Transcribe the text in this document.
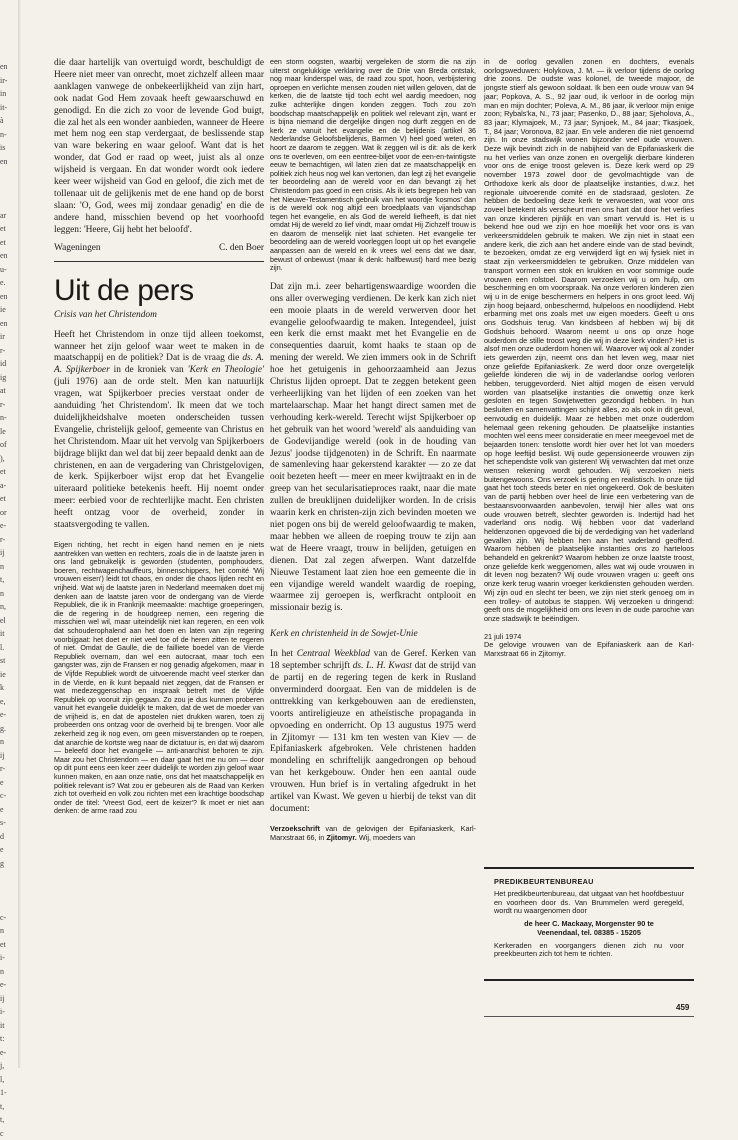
en
ir-
in
it-
à
n-
is
en

ar
et
et
en
u-
e.
en
ie
en
ir
r-
id
ig
at
r-
n-
le
of
),
et
a-
et
or
e-
r-
ij
n
t,
n
n,
el
it
l.
st
ie
k
e,
e-
g.
n
ij
r-
e
c-
e
s-
d
e
g

c-
n
et
i-
n
e-
ij
i-
it
t:
e-
j,
l,
1-
t,
t,
c

die daar hartelijk van overtuigd wordt, beschuldigt de Heere niet meer van onrecht, moet zichzelf alleen maar aanklagen vanwege de onbekeerlijkheid van zijn hart, ook nadat God Hem zovaak heeft gewaarschuwd en genodigd. En die zich zo voor de levende God buigt, die zal het als een wonder aanbieden, wanneer de Heere met hem nog een stap verdergaat, de beslissende stap van ware bekering en waar geloof. Want dat is het wonder, dat God er raad op weet, juist als al onze wijsheid is vergaan. En dat wonder wordt ook iedere keer weer wijsheid van God en geloof, die zich met de tollenaar uit de gelijkenis met de ene hand op de borst slaan: 'O, God, wees mij zondaar genadig' en die de andere hand, misschien bevend op het voorhoofd leggen: 'Heere, Gij hebt het beloofd'.

Wageningen	C. den Boer
Uit de pers

Crisis van het Christendom

Heeft het Christendom in onze tijd alleen toekomst, wanneer het zijn geloof waar weet te maken in de maatschappij en de politiek? Dat is de vraag die ds. A. A. Spijkerboer in de kroniek van 'Kerk en Theologie' (juli 1976) aan de orde stelt. Men kan natuurlijk vragen, wat Spijkerboer precies verstaat onder de aanduiding 'het Christendom'. Ik meen dat we toch duidelijkheidshalve moeten onderscheiden tussen Evangelie, christelijk geloof, gemeente van Christus en het Christendom. Maar uit het vervolg van Spijkerboers bijdrage blijkt dan wel dat bij zeer bepaald denkt aan de christenen, en aan de vergadering van Christgelovigen, de kerk. Spijkerboer wijst erop dat het Evangelie uiteraard politieke betekenis heeft. Hij noemt onder meer: eerbied voor de rechterlijke macht. Een christen heeft ontzag voor de overheid, zonder in staatsvergoding te vallen.

Eigen richting, het recht in eigen hand nemen en je niets aantrekken van wetten en rechters, zoals die in de laatste jaren in ons land gebruikelijk is geworden (studenten, pomphouders, boeren, rechtwagenchauffeurs, binnenschippers, het comité 'Wij vrouwen eisen') leidt tot chaos, en onder die chaos lijden recht en vrijheid. Wat wij de laatste jaren in Nederland meemaken doet mij denken aan de laatste jaren voor de ondergang van de Vierde Republiek, die ik in Frankrijk meemaakte: machtige groeperingen, die de regering in de houdgreep nemen, een regering die misschien wel wil, maar uiteindelijk niet kan regeren, en een volk dat schouderophalend aan het doen en laten van zijn regering voorbijgaat: het doet er niet veel toe of de heren zitten te regeren of niet. Omdat de Gaulle, die de failliete boedel van de Vierde Republiek overnam, dan wel een autocraat, maar toch een gangster was, zijn de Fransen er nog genadig afgekomen, maar in de Vijfde Republiek wordt de uitvoerende macht veel sterker dan in de Vierde, en ik kunt bepaald niet zeggen, dat de Fransen er wat medezeggenschap en inspraak betreft met de Vijfde Republiek op vooruit zijn gegaan. Zo zou je dus kunnen proberen vanuit het evangelie duidelijk te maken, dat de wet de moeder van de vrijheid is, en dat de apostelen niet drukken waren, toen zij probeerden ons ontzag voor de overheid bij te brengen. Voor alle zekerheid zeg ik nog even, om geen misverstanden op te roepen, dat anarchie de kortste weg naar de dictatuur is, en dat wij daarom — beleefd door het evangelie — anti-anarchist behoren te zijn. Maar zou het Christendom — en daar gaat het me nu om — door op dit punt eens een keer zeer duidelijk te worden zijn geloof waar kunnen maken, en aan onze natie, ons dat het maatschappelijk en politiek relevant is? Wat zou er gebeuren als de Raad van Kerken zich tot overheid en volk zou richten met een krachtige boodschap onder de titel: 'Vreest God, eert de keizer'? Ik moet er niet aan denken: de arme raad zou

een storm oogsten, waarbij vergeleken de storm die na zijn uiterst ongelukkige verklaring over de Drie van Breda ontstak, nog maar kinderspel was, de raad zou spot, hoon, verbijstering oproepen en verlichte mensen zouden niet willen geloven, dat de kerken, die de laatste tijd toch echt wel aardig meedoen, nog zulke achterlijke dingen konden zeggen. Toch zou zo'n boodschap maatschappelijk en politiek wel relevant zijn, want er is bijna niemand die dergelijke dingen nog durft zeggen en de kerk ze vanuit het evangelie en de belijdenis (artikel 36 Nederlandse Geloofsbelijdenis, Barmen V) heel goed weten, en hoort ze daarom te zeggen. Wat ik zeggen wil is dit: als de kerk ons te overleven, om een eentree-biljet voor de een-en-twintigste eeuw te bemachtigen, wil laten zien dat ze maatschappelijk en politiek zich heus nog wel kan vertonen, dan legt zij het evangelie ter beoordeling aan de wereld voor en dan bevangt zij het Christendom pas goed in een crisis. Als ik iets begrepen heb van het Nieuwe-Testamentisch gebruik van het woordje 'kosmos' dan is de wereld ook nog altijd een broedplaats van vijandschap tegen het evangelie, en als God de wereld liefheeft, is dat niet omdat Hij de wereld zo lief vindt, maar omdat Hij Zichzelf trouw is en daarom de menselijk niet laat schieten. Het evangelie ter beoordeling aan de wereld voorleggen loopt uit op het evangelie aanpassen aan de wereld en ik vrees wel eens dat we daar, bewust of onbewust (maar ik denk: halfbewust) hard mee bezig zijn.

Dat zijn m.i. zeer behartigenswaardige woorden die ons aller overweging verdienen. De kerk kan zich niet een mooie plaats in de wereld verwerven door het evangelie geloofwaardig te maken. Integendeel, juist een kerk die ernst maakt met het Evangelie en de consequenties daaruit, komt haaks te staan op de mening der wereld. We zien immers ook in de Schrift hoe het getuigenis in gehoorzaamheid aan Jezus Christus lijden oproept. Dat te zeggen betekent geen verheerlijking van het lijden of een zoeken van het martelaarschap. Maar het hangt direct samen met de verhouding kerk-wereld. Terecht wijst Spijkerboer op het gebruik van het woord 'wereld' als aanduiding van de Godevijandige wereld (ook in de houding van Jezus' joodse tijdgenoten) in de Schrift. En naarmate de samenleving haar gekerstend karakter — zo ze dat ooit bezeten heeft — meer en meer kwijtraakt en in de greep van het secularisatieproces raakt, naar die mate zullen de breuklijnen duidelijker worden. In de crisis waarin kerk en christen-zijn zich bevinden moeten we niet pogen ons bij de wereld geloofwaardig te maken, maar hebben we alleen de roeping trouw te zijn aan wat de Heere vraagt, trouw in belijden, getuigen en dienen. Dat zal zegen afwerpen. Want datzelfde Nieuwe Testament laat zien hoe een gemeente die in een vijandige wereld wandelt waardig de roeping, waarmee zij geroepen is, werfkracht ontplooit en missionair bezig is.

Kerk en christenheid in de Sowjet-Unie

In het Centraal Weekblad van de Geref. Kerken van 18 september schrijft ds. L. H. Kwast dat de strijd van de partij en de regering tegen de kerk in Rusland onverminderd doorgaat. Een van de middelen is de onttrekking van kerkgebouwen aan de erediensten, voorts antireligieuze en atheïstische propaganda in opvoeding en onderricht. Op 13 augustus 1975 werd in Zjitomyr — 131 km ten westen van Kiev — de Epifaniaskerk afgebroken. Vele christenen hadden mondeling en schriftelijk aangedrongen op behoud van het kerkgebouw. Onder hen een aantal oude vrouwen. Hun brief is in vertaling afgedrukt in het artikel van Kwast. We geven u hierbij de tekst van dit document:

Verzoekschrift van de gelovigen der Epifaniaskerk, Karl-Marxstraat 66, in Zjitomyr. Wij, moeders van

in de oorlog gevallen zonen en dochters, evenals oorlogsweduwen: Holykova, J. M. — ik verloor tijdens de oorlog drie zoons. De oudste was kolonel, de tweede majoor, de jongste stierf als gewoon soldaat. Ik ben een oude vrouw van 94 jaar; Popkova, A. S., 92 jaar oud, ik verloor in de oorlog mijn man en mijn dochter; Poleva, A. M., 86 jaar, ik verloor mijn enige zoon; Rybals'ka, N., 73 jaar; Pasenko, D., 88 jaar; Sjeholova, A., 83 jaar; Klymajoek, M., 73 jaar; Synjoek, M., 84 jaar; Tkasjoek, T., 84 jaar; Voronova, 82 jaar. En vele anderen die niet genoemd zijn. In onze stadswijk wonen bijzonder veel oude vrouwen. Deze wijk bevindt zich in de nabijheid van de Epifaniaskerk die nu het verlies van onze zonen en overgelijk dierbare kinderen voor ons de enige troost geleven is. Deze kerk werd op 29 november 1973 zowel door de gevolmachtigde van de Orthodoxe kerk als door de plaatselijke instanties, d.w.z. het regionale uitvoerende comité en de stadsraad, gesloten. Ze hebben de bedoeling deze kerk te verwoesten, wat voor ons zoveel betekent als verscheurt men ons hart dat door het verlies van onze kinderen pijnlijk en van smart vervuld is. Het is u bekend hoe oud we zijn en hoe moeilijk het voor ons is van verkeersmiddelen gebruik te maken. We zijn niet in staat een andere kerk, die zich aan het andere einde van de stad bevindt, te bezoeken, omdat ze erg verwijderd ligt en wij fysiek niet in staat zijn verkeersmiddelen te gebruiken. Onze middelen van transport vormen een stok en krukken en voor sommige oude vrouwen een rolstoel. Daarom verzoeken wij u om hulp, om bescherming en om voorspraak. Na onze verloren kinderen zien wij u in de enige beschermers en helpers in ons groot leed. Wij zijn hoog bejaard, onbeschermd, hulpeloos en noodlijdend. Hebt erbarming met ons zoals met uw eigen moeders. Geeft u ons ons Godshuis terug. Van kindsbeen af hebben wij bij dit Godshuis behoord. Waarom neemt u ons op onze hoge ouderdom de stille troost weg die wij in deze kerk vinden? Het is alsof men onze ouderdom honen wil. Waarover wij ook al zonder iets gewerden zijn, neemt ons dan het leven weg, maar niet onze geliefde Epifaniaskerk. Ze werd door onze overgetelijk geliefde kinderen die wij in de vaderlandse oorlog verloren hebben, teruggevorderd. Niet altijd mogen de eisen vervuld worden van plaatselijke instanties die onwettig onze kerk gesloten en tegen Sowjetwetten gezondigd hebben. In hun besluiten en samenvattingen schijnt alles, zo als ook in dit geval, eenvoudig en duidelijk. Maar ze hebben met onze ouderdom helemaal geen rekening gehouden. De plaatselijke instanties mochten wel eens meer consideratie en meer meegevoel met de bejaarden tonen: tenslotte wordt hier over het lot van moeders op hoge leeftijd beslist. Wij oude gepensioneerde vrouwen zijn het schependste volk van gisteren! Wij verwachten dat met onze wensen rekening wordt gehouden. Wij verzoeken niets buitengewoons. Ons verzoek is gering en realistisch. In onze tijd gaat het toch steeds beter en niet ongekeerd. Ook de besluiten van de partij hebben over heel de linie een verbetering van de bestaansvoorwaarden aanbevolen, terwijl hier alles wat ons oude vrouwen betreft, slechter geworden is. Indertijd had het vaderland ons nodig. Wij hebben voor dat vaderland heldenzonen opgevoed die bij de verdediging van het vaderland gevallen zijn. Wij hebben hen aan het vaderland geofferd. Waarom hebben de plaatselijke instanties ons zo harteloos behandeld en gekrenkt? Waarom hebben ze onze laatste troost, onze geliefde kerk weggenomen, alles wat wij oude vrouwen in dit leven nog bezaten? Wij oude vrouwen vragen u: geeft ons onze kerk terug waarin vroeger kerkdiensten gehouden werden. Wij zijn oud en slecht ter been, we zijn niet sterk genoeg om in een trolley- of autobus te stappen. Wij verzoeken u dringend: geeft ons de mogelijkheid om ons leven in de oude parochie van onze stadswijk te beëindigen.

21 juli 1974

De gelovige vrouwen van de Epifaniaskerk aan de Karl-Marxstraat 66 in Zjitomyr.

PREDIKBEURTENBUREAU

Het predikbeurtenbureau, dat uitgaat van het hoofdbestuur en voorheen door ds. Van Brummelen werd geregeld, wordt nu waargenomen door

de heer C. Mackaay, Morgenster 90 te
Veenendaal, tel. 08385 - 15205

Kerkeraden en voorgangers dienen zich nu voor preekbeurten zich tot hem te richten.

459
